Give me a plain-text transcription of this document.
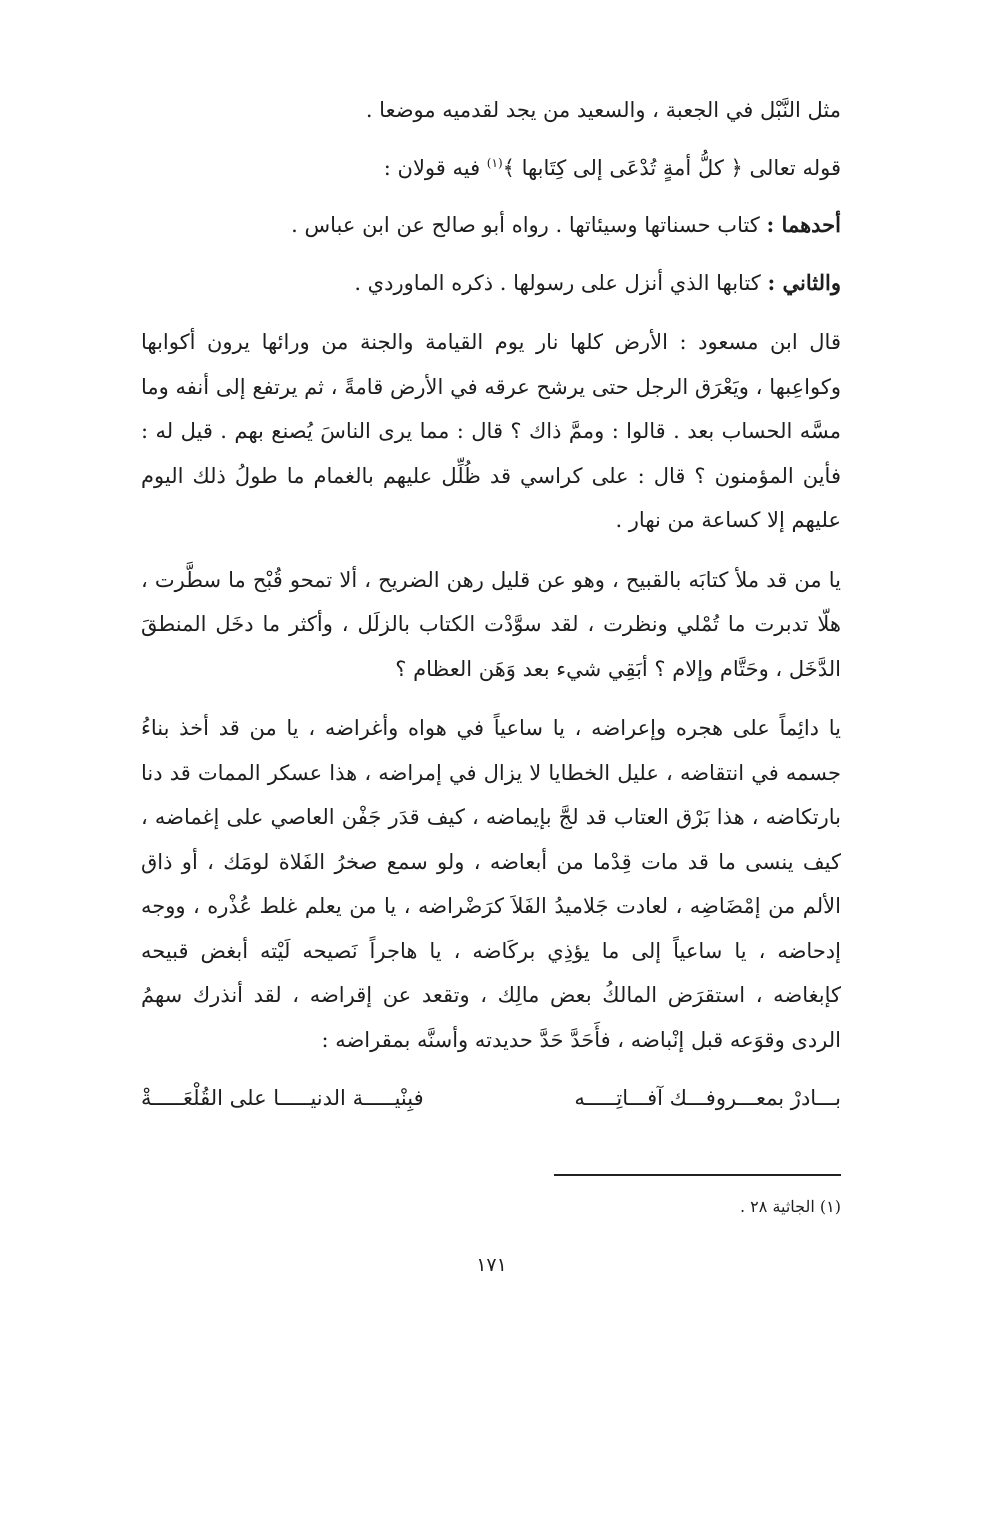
مثل النَّبْل في الجعبة ، والسعيد من يجد لقدميه موضعا .

قوله تعالى ﴿ كلُّ أمةٍ تُدْعَى إلى كِتَابها ﴾$^{(١)}$ فيه قولان :

أحدهما : كتاب حسناتها وسيئاتها . رواه أبو صالح عن ابن عباس .

والثاني : كتابها الذي أنزل على رسولها . ذكره الماوردي .

قال ابن مسعود : الأرض كلها نار يوم القيامة والجنة من ورائها يرون أكوابها وكواعِبها ، ويَعْرَق الرجل حتى يرشح عرقه في الأرض قامةً ، ثم يرتفع إلى أنفه وما مسَّه الحساب بعد . قالوا : وممَّ ذاك ؟ قال : مما يرى الناسَ يُصنع بهم . قيل له : فأين المؤمنون ؟ قال : على كراسي قد ظُلِّل عليهم بالغمام ما طولُ ذلك اليوم عليهم إلا كساعة من نهار .

يا من قد ملأ كتابَه بالقبيح ، وهو عن قليل رهن الضريح ، ألا تمحو قُبْح ما سطَّرت ، هلّا تدبرت ما تُمْلي ونظرت ، لقد سوَّدْت الكتاب بالزلَل ، وأكثر ما دخَل المنطقَ الدَّخَل ، وحَتَّام وإلام ؟ أبَقِي شيء بعد وَهَن العظام ؟

يا دائِماً على هجره وإعراضه ، يا ساعياً في هواه وأغراضه ، يا من قد أخذ بناءُ جسمه في انتقاضه ، عليل الخطايا لا يزال في إمراضه ، هذا عسكر الممات قد دنا بارتكاضه ، هذا بَرْق العتاب قد لجَّ بإيماضه ، كيف قدَر جَفْن العاصي على إغماضه ، كيف ينسى ما قد مات قِدْما من أبعاضه ، ولو سمع صخرُ الفَلاة لومَك ، أو ذاق الألم من إمْضَاضِه ، لعادت جَلاميدُ الفَلاَ كرَضْراضه ، يا من يعلم غلط عُذْره ، ووجه إدحاضه ، يا ساعياً إلى ما يؤذِي بركَاضه ، يا هاجراً نَصيحه لَيْته أبغض قبيحه كإبغاضه ، استقرَض المالكُ بعض مالِك ، وتقعد عن إقراضه ، لقد أنذرك سهمُ الردى وقوَعه قبل إنْباضه ، فأَحَدَّ حَدَّ حديدته وأسنَّه بمقراضه :

بـــادرْ بمعـــروفـــك آفـــاتِـــــه
فبِنْيـــــة الدنيـــــا على القُلْعَـــــةْ
(١) الجاثية ٢٨ .
١٧١
